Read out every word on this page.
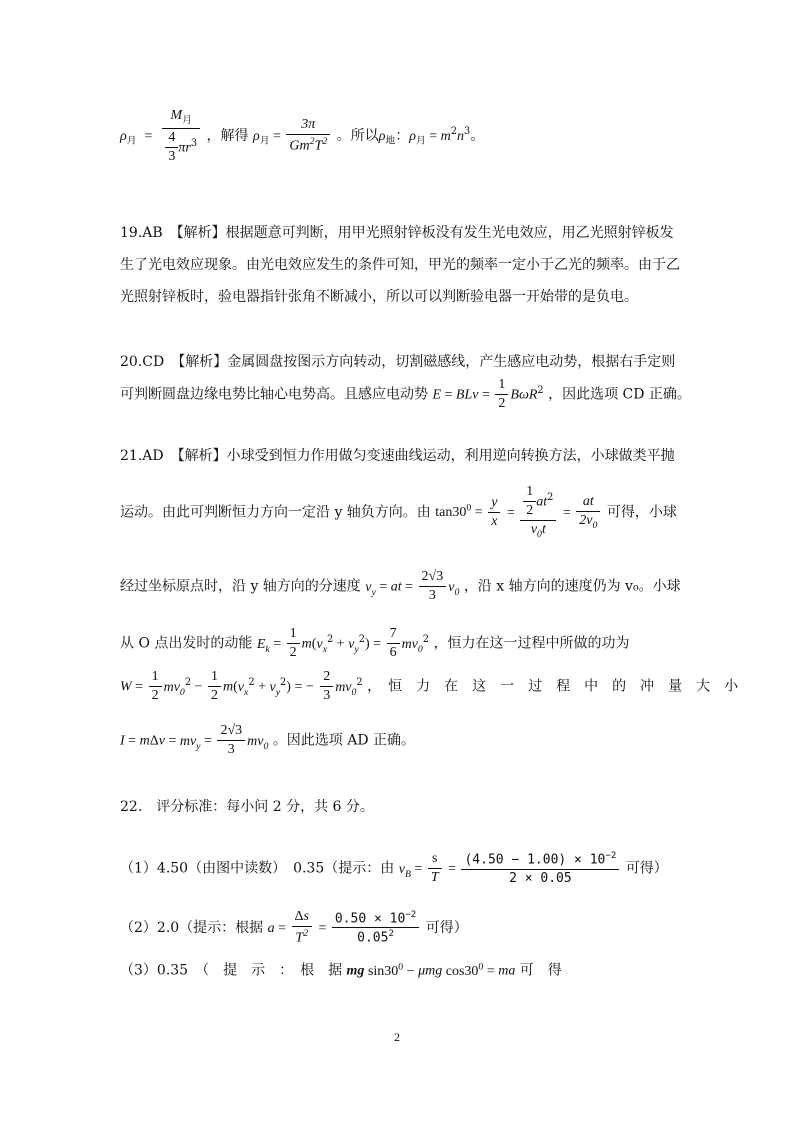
$\rho_月 = \frac{M_月}{\frac{4}{3} \pi r^3}$ ，解得 $\rho_月 = \frac{3\pi}{Gm^2T^2}$ 。所以$\rho_地$：$\rho_月 = m^2n^3$。
19.AB　【解析】根据题意可判断，用甲光照射锌板没有发生光电效应，用乙光照射锌板发
生了光电效应现象。由光电效应发生的条件可知，甲光的频率一定小于乙光的频率。由于乙
光照射锌板时，验电器指针张角不断减小，所以可以判断验电器一开始带的是负电。
20.CD　【解析】金属圆盘按图示方向转动，切割磁感线，产生感应电动势，根据右手定则
可判断圆盘边缘电势比轴心电势高。且感应电动势 E = BLv = $\frac{1}{2} B\omega R^2$ ，因此选项 CD 正确。
21.AD　【解析】小球受到恒力作用做匀变速曲线运动，利用逆向转换方法，小球做类平抛
运动。由此可判断恒力方向一定沿 y 轴负方向。由 $\tan 30^0 = \frac{y}{x} = \frac{\frac{1}{2} at^2}{v_0t} = \frac{at}{2v_0}$ 可得，小球
经过坐标原点时，沿 y 轴方向的分速度 $v_y$ = at = $\frac{2√3}{3} v_0$ ，沿 x 轴方向的速度仍为 v₀。小球
从 O 点出发时的动能 $E_k = \frac{1}{2} m(v_x^2 + v_y^2) = \frac{7}{6} mv_0^2$ ，恒力在这一过程中所做的功为
$W = \frac{1}{2} mv_0^2 - \frac{1}{2} m(v_x^2 + v_y^2)$ = − $\frac{2}{3} mv_0^2$ ，　恒　力　在　这　一　过　程　中　的　冲　量　大　小
$I = m\Delta v = mv_y = \frac{2√3}{3} mv_0$ 。因此选项 AD 正确。
22.　评分标准：每小问 2 分，共 6 分。
（1）4.50（由图中读数）　0.35（提示：由 $v_B = \frac{s}{T} = \frac{(4.50 - 1.00) \times 10^{-2}}{2 \times 0.05}$ 可得）
（2）2.0（提示：根据 $a = \frac{\Delta s}{T^2} = \frac{0.50 \times 10^{-2}}{0.05^2}$ 可得）
（3）0.35　（　提　示　：　根　据 mg $\sin 30^0 - \mu mg$ $\cos 30^0$ = ma 可　得
2
